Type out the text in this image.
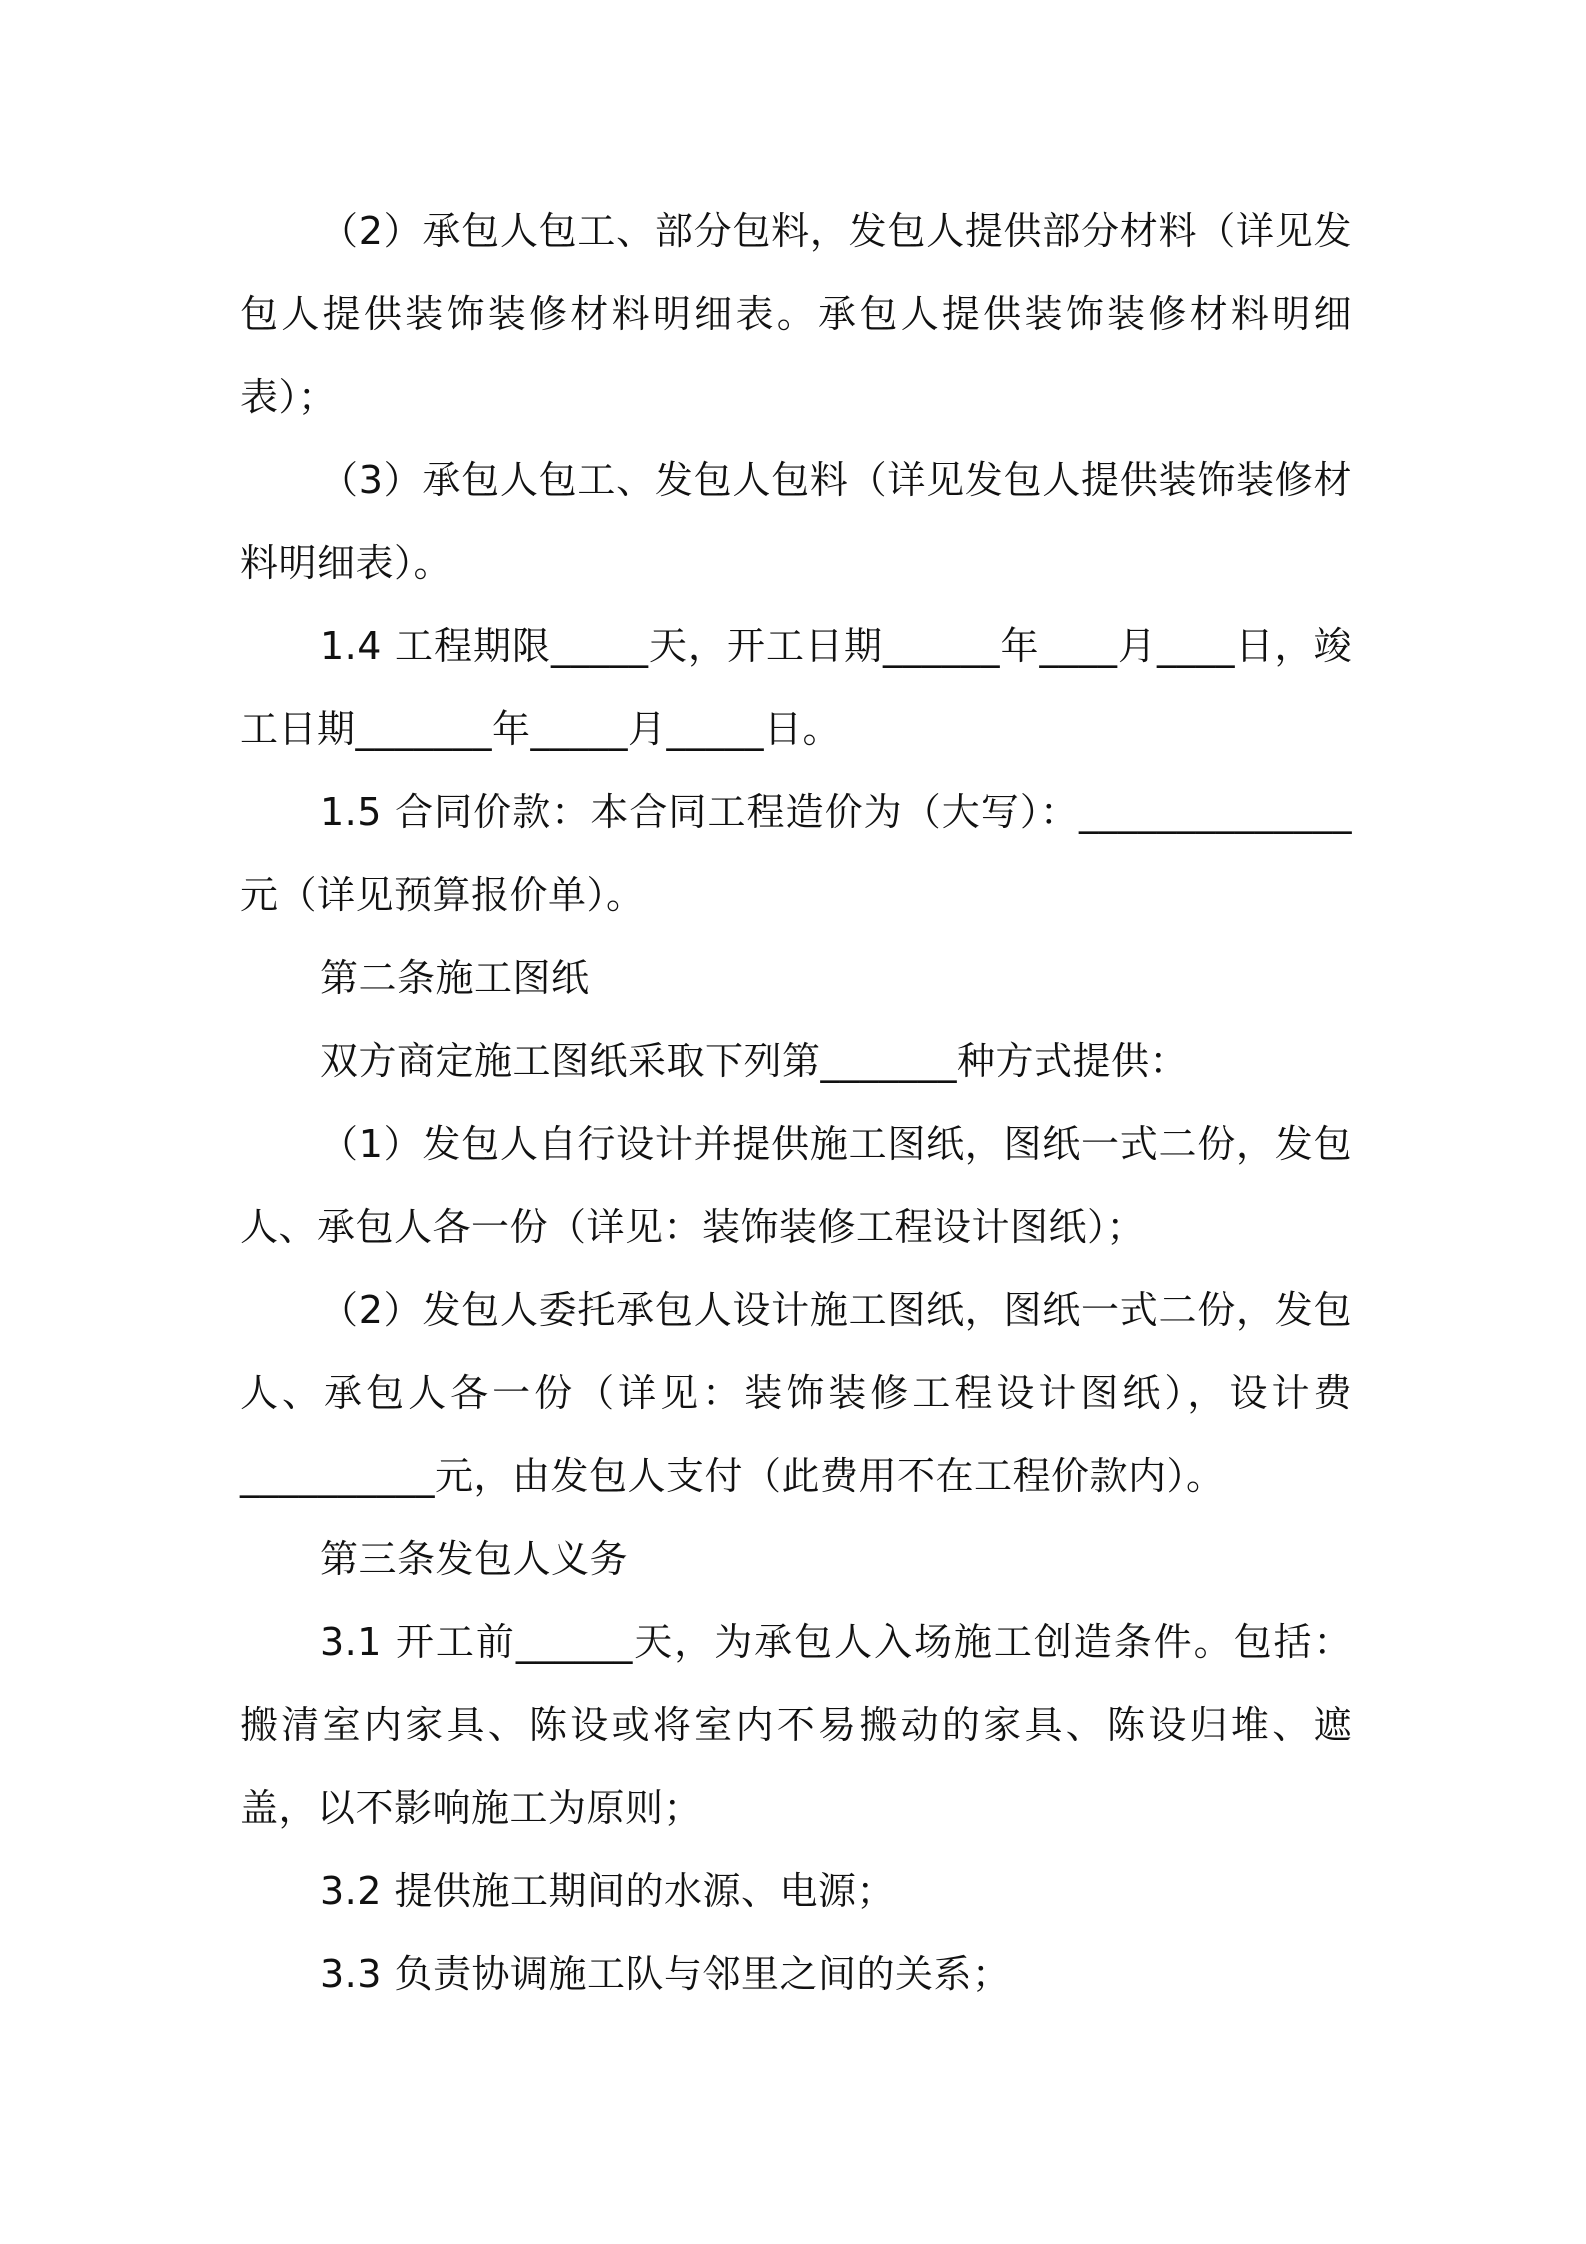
（2）承包人包工、部分包料，发包人提供部分材料（详见发包人提供装饰装修材料明细表。承包人提供装饰装修材料明细表）；

（3）承包人包工、发包人包料（详见发包人提供装饰装修材料明细表）。

1.4 工程期限_____天，开工日期______年____月____日，竣工日期_______年_____月_____日。

1.5 合同价款：本合同工程造价为（大写）：______________元（详见预算报价单）。

第二条施工图纸

双方商定施工图纸采取下列第_______种方式提供：

（1）发包人自行设计并提供施工图纸，图纸一式二份，发包人、承包人各一份（详见：装饰装修工程设计图纸）；

（2）发包人委托承包人设计施工图纸，图纸一式二份，发包人、承包人各一份（详见：装饰装修工程设计图纸），设计费__________元，由发包人支付（此费用不在工程价款内）。

第三条发包人义务

3.1 开工前______天，为承包人入场施工创造条件。包括：搬清室内家具、陈设或将室内不易搬动的家具、陈设归堆、遮盖，以不影响施工为原则；

3.2 提供施工期间的水源、电源；

3.3 负责协调施工队与邻里之间的关系；
